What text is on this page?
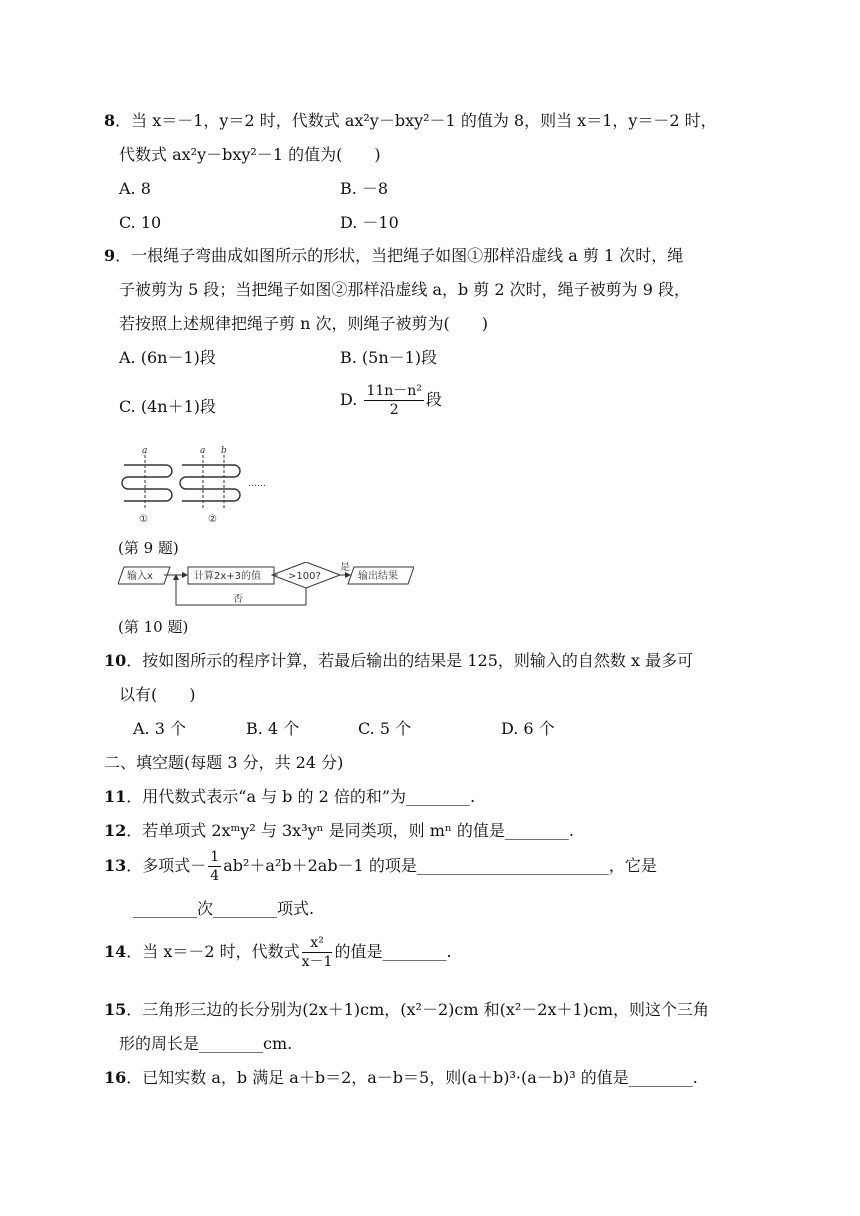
8．当 x＝－1，y＝2 时，代数式 ax²y－bxy²－1 的值为 8，则当 x＝1，y＝－2 时，
代数式 ax²y－bxy²－1 的值为(　　)
A. 8	B. －8
C. 10	D. －10
9．一根绳子弯曲成如图所示的形状，当把绳子如图①那样沿虚线 a 剪 1 次时，绳
子被剪为 5 段；当把绳子如图②那样沿虚线 a，b 剪 2 次时，绳子被剪为 9 段，
若按照上述规律把绳子剪 n 次，则绳子被剪为(　　)
A. (6n－1)段	B. (5n－1)段
C. (4n＋1)段	D. $\frac{\text{11n－n²}}{2}$ 段
a	a b
①	②
……
(第 9 题)
输入x	计算2x+3的值	>100?
是
否
输出结果
(第 10 题)
10．按如图所示的程序计算，若最后输出的结果是 125，则输入的自然数 x 最多可
以有(　　)
A. 3 个	B. 4 个	C. 5 个	D. 6 个
二、填空题(每题 3 分，共 24 分)
11．用代数式表示“a 与 b 的 2 倍的和”为________.
12．若单项式 2xᵐy² 与 3x³yⁿ 是同类项，则 mⁿ 的值是________.
13．多项式－ $\frac{1}{4} ab^2+a^2b+2ab-1$ 的项是________________________，它是
________次________项式.
14．当 x＝－2 时，代数式 $\frac{\text{x²}}{x-1}$ 的值是________.
15．三角形三边的长分别为(2x＋1)cm，(x²－2)cm 和(x²－2x＋1)cm，则这个三角
形的周长是________cm.
16．已知实数 a，b 满足 a＋b＝2，a－b＝5，则(a＋b)³·(a－b)³ 的值是________.
